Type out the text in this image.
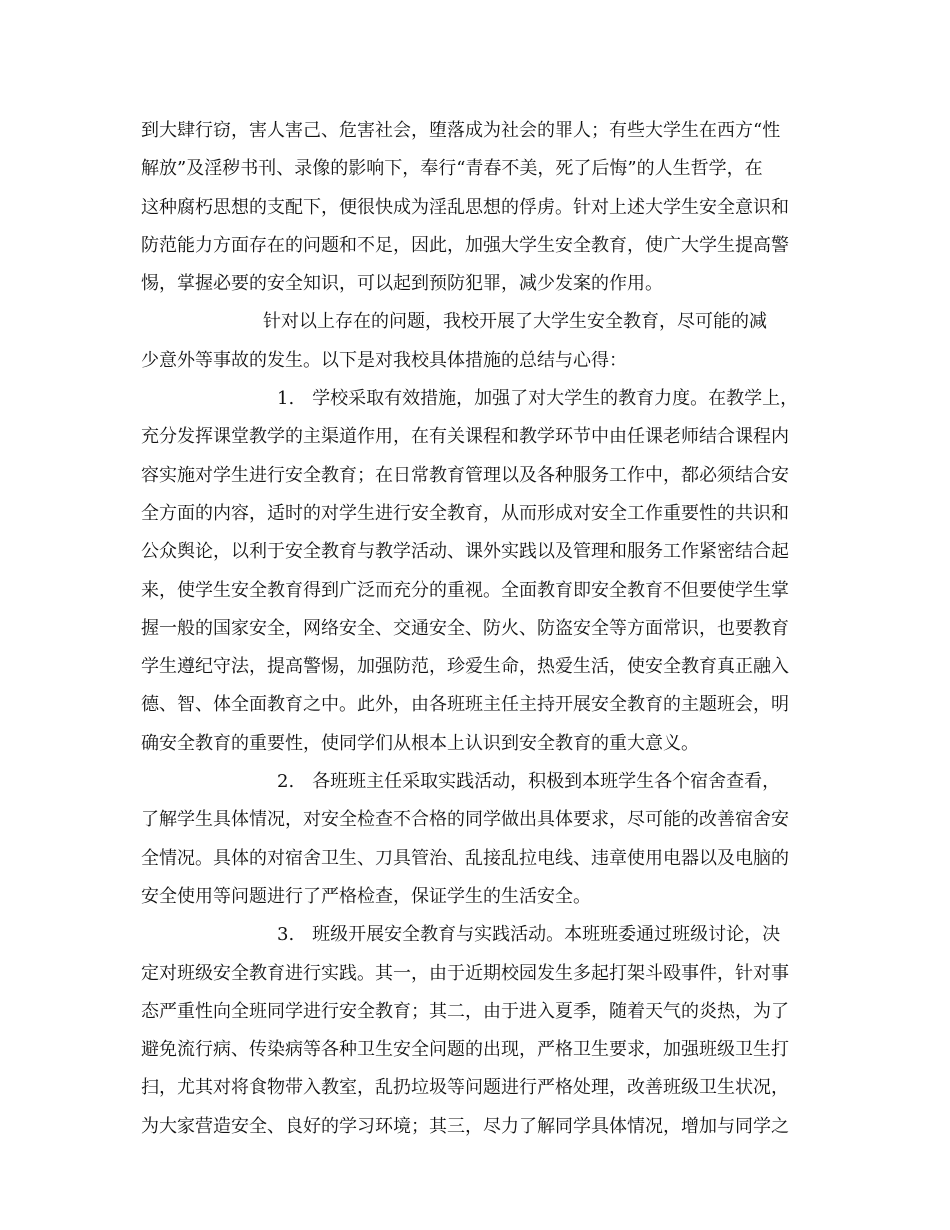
到大肆行窃，害人害己、危害社会，堕落成为社会的罪人；有些大学生在西方“性
解放”及淫秽书刊、录像的影响下，奉行“青春不美，死了后悔”的人生哲学，在
这种腐朽思想的支配下，便很快成为淫乱思想的俘虏。针对上述大学生安全意识和
防范能力方面存在的问题和不足，因此，加强大学生安全教育，使广大学生提高警
惕，掌握必要的安全知识，可以起到预防犯罪，减少发案的作用。
针对以上存在的问题，我校开展了大学生安全教育，尽可能的减
少意外等事故的发生。以下是对我校具体措施的总结与心得：
1.　学校采取有效措施，加强了对大学生的教育力度。在教学上，
充分发挥课堂教学的主渠道作用，在有关课程和教学环节中由任课老师结合课程内
容实施对学生进行安全教育；在日常教育管理以及各种服务工作中，都必须结合安
全方面的内容，适时的对学生进行安全教育，从而形成对安全工作重要性的共识和
公众舆论，以利于安全教育与教学活动、课外实践以及管理和服务工作紧密结合起
来，使学生安全教育得到广泛而充分的重视。全面教育即安全教育不但要使学生掌
握一般的国家安全，网络安全、交通安全、防火、防盗安全等方面常识，也要教育
学生遵纪守法，提高警惕，加强防范，珍爱生命，热爱生活，使安全教育真正融入
德、智、体全面教育之中。此外，由各班班主任主持开展安全教育的主题班会，明
确安全教育的重要性，使同学们从根本上认识到安全教育的重大意义。
2.　各班班主任采取实践活动，积极到本班学生各个宿舍查看，
了解学生具体情况，对安全检查不合格的同学做出具体要求，尽可能的改善宿舍安
全情况。具体的对宿舍卫生、刀具管治、乱接乱拉电线、违章使用电器以及电脑的
安全使用等问题进行了严格检查，保证学生的生活安全。
3.　班级开展安全教育与实践活动。本班班委通过班级讨论，决
定对班级安全教育进行实践。其一，由于近期校园发生多起打架斗殴事件，针对事
态严重性向全班同学进行安全教育；其二，由于进入夏季，随着天气的炎热，为了
避免流行病、传染病等各种卫生安全问题的出现，严格卫生要求，加强班级卫生打
扫，尤其对将食物带入教室，乱扔垃圾等问题进行严格处理，改善班级卫生状况，
为大家营造安全、良好的学习环境；其三，尽力了解同学具体情况，增加与同学之
